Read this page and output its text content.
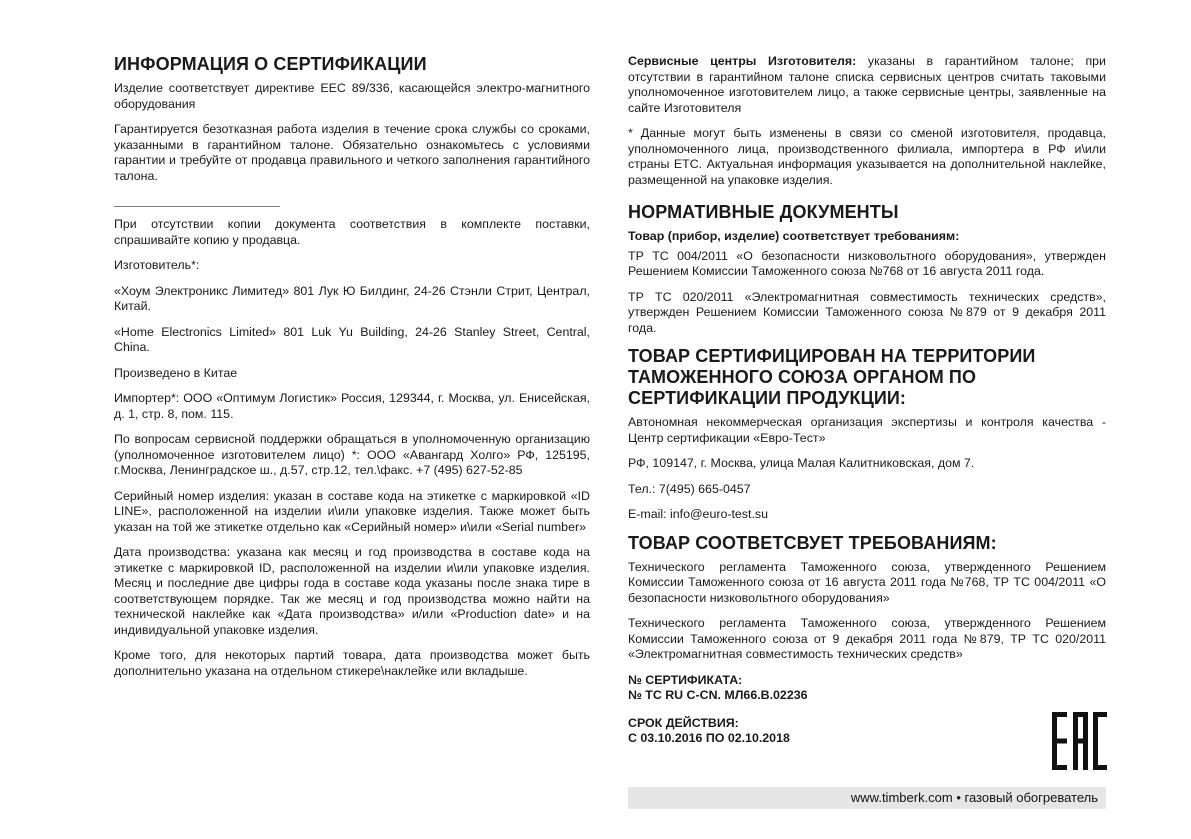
ИНФОРМАЦИЯ О СЕРТИФИКАЦИИ

Изделие соответствует директиве EEC 89/336, касающейся электро-магнитного оборудования

Гарантируется безотказная работа изделия в течение срока службы со сроками, указанными в гарантийном талоне. Обязательно ознакомьтесь с условиями гарантии и требуйте от продавца правильного и четкого заполнения гарантийного талона.

При отсутствии копии документа соответствия в комплекте поставки, спрашивайте копию у продавца.

Изготовитель*:

«Хоум Электроникс Лимитед» 801 Лук Ю Билдинг, 24-26 Стэнли Стрит, Централ, Китай.

«Home Electronics Limited» 801 Luk Yu Building, 24-26 Stanley Street, Central, China.

Произведено в Китае

Импортер*: ООО «Оптимум Логистик» Россия, 129344, г. Москва, ул. Енисейская, д. 1, стр. 8, пом. 115.

По вопросам сервисной поддержки обращаться в уполномоченную организацию (уполномоченное изготовителем лицо) *: ООО «Авангард Холго» РФ, 125195, г.Москва, Ленинградское ш., д.57, стр.12, тел.\факс. +7 (495) 627-52-85

Серийный номер изделия: указан в составе кода на этикетке с маркировкой «ID LINE», расположенной на изделии и\или упаковке изделия. Также может быть указан на той же этикетке отдельно как «Серийный номер» и\или «Serial number»

Дата производства: указана как месяц и год производства в составе кода на этикетке с маркировкой ID, расположенной на изделии и\или упаковке изделия. Месяц и последние две цифры года в составе кода указаны после знака тире в соответствующем порядке. Так же месяц и год производства можно найти на технической наклейке как «Дата производства» и/или «Production date» и на индивидуальной упаковке изделия.

Кроме того, для некоторых партий товара, дата производства может быть дополнительно указана на отдельном стикере\наклейке или вкладыше.

Сервисные центры Изготовителя: указаны в гарантийном талоне; при отсутствии в гарантийном талоне списка сервисных центров считать таковыми уполномоченное изготовителем лицо, а также сервисные центры, заявленные на сайте Изготовителя

* Данные могут быть изменены в связи со сменой изготовителя, продавца, уполномоченного лица, производственного филиала, импортера в РФ и\или страны ЕТС. Актуальная информация указывается на дополнительной наклейке, размещенной на упаковке изделия.

НОРМАТИВНЫЕ ДОКУМЕНТЫ

Товар (прибор, изделие) соответствует требованиям:

ТР ТС 004/2011 «О безопасности низковольтного оборудования», утвержден Решением Комиссии Таможенного союза №768 от 16 августа 2011 года.

ТР ТС 020/2011 «Электромагнитная совместимость технических средств», утвержден Решением Комиссии Таможенного союза №879 от 9 декабря 2011 года.

ТОВАР СЕРТИФИЦИРОВАН НА ТЕРРИТОРИИ ТАМОЖЕННОГО СОЮЗА ОРГАНОМ ПО СЕРТИФИКАЦИИ ПРОДУКЦИИ:

Автономная некоммерческая организация экспертизы и контроля качества - Центр сертификации «Евро-Тест»

РФ, 109147, г. Москва, улица Малая Калитниковская, дом 7.

Тел.: 7(495) 665-0457

E-mail: info@euro-test.su

ТОВАР СООТВЕТСВУЕТ ТРЕБОВАНИЯМ:

Технического регламента Таможенного союза, утвержденного Решением Комиссии Таможенного союза от 16 августа 2011 года №768, ТР ТС 004/2011 «О безопасности низковольтного оборудования»

Технического регламента Таможенного союза, утвержденного Решением Комиссии Таможенного союза от 9 декабря 2011 года №879, ТР ТС 020/2011 «Электромагнитная совместимость технических средств»

№ СЕРТИФИКАТА:
№ TC RU C-CN. МЛ66.В.02236
СРОК ДЕЙСТВИЯ:
С 03.10.2016 ПО 02.10.2018
www.timberk.com • газовый обогреватель
